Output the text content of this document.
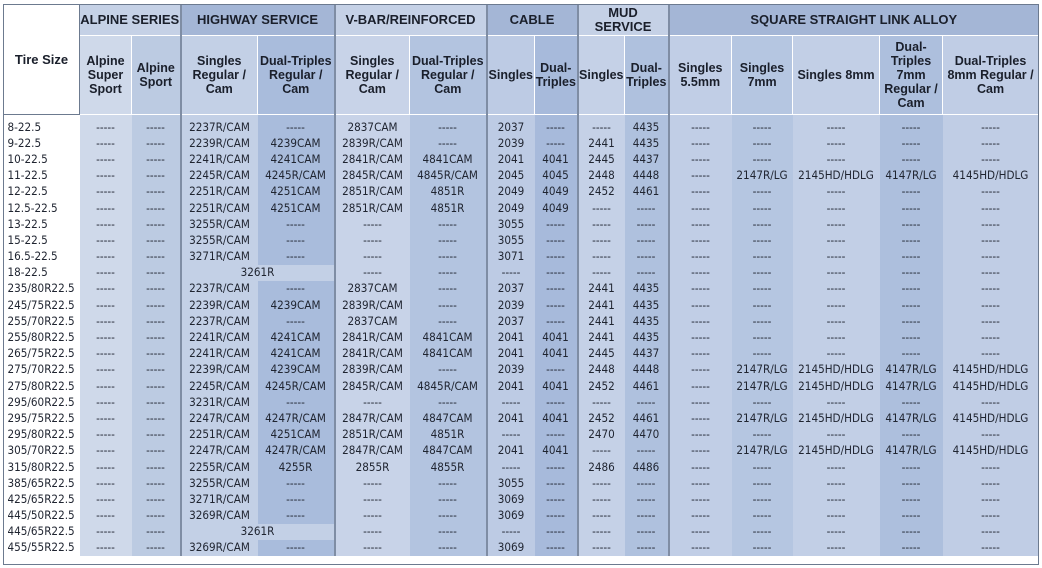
Tire Size	ALPINE SERIES		HIGHWAY SERVICE		V-BAR/REINFORCED		CABLE		MUD SERVICE		SQUARE STRAIGHT LINK ALLOY				
	Alpine Super Sport	Alpine Sport	Singles Regular / Cam	Dual-Triples Regular / Cam	Singles Regular / Cam	Dual-Triples Regular / Cam	Singles	Dual-Triples	Singles	Dual-Triples	Singles 5.5mm	Singles 7mm	Singles 8mm	Dual-Triples 7mm Regular / Cam	Dual-Triples 8mm Regular / Cam

8-22.5	-----	-----	2237R/CAM	-----	2837CAM	-----	2037	-----	-----	4435	-----	-----	-----	-----	-----
9-22.5	-----	-----	2239R/CAM	4239CAM	2839R/CAM	-----	2039	-----	2441	4435	-----	-----	-----	-----	-----
10-22.5	-----	-----	2241R/CAM	4241CAM	2841R/CAM	4841CAM	2041	4041	2445	4437	-----	-----	-----	-----	-----
11-22.5	-----	-----	2245R/CAM	4245R/CAM	2845R/CAM	4845R/CAM	2045	4045	2448	4448	-----	2147R/LG	2145HD/HDLG	4147R/LG	4145HD/HDLG
12-22.5	-----	-----	2251R/CAM	4251CAM	2851R/CAM	4851R	2049	4049	2452	4461	-----	-----	-----	-----	-----
12.5-22.5	-----	-----	2251R/CAM	4251CAM	2851R/CAM	4851R	2049	4049	-----	-----	-----	-----	-----	-----	-----
13-22.5	-----	-----	3255R/CAM	-----	-----	-----	3055	-----	-----	-----	-----	-----	-----	-----	-----
15-22.5	-----	-----	3255R/CAM	-----	-----	-----	3055	-----	-----	-----	-----	-----	-----	-----	-----
16.5-22.5	-----	-----	3271R/CAM	-----	-----	-----	3071	-----	-----	-----	-----	-----	-----	-----	-----
18-22.5	-----	-----	3261R		-----	-----	-----	-----	-----	-----	-----	-----	-----	-----	-----
235/80R22.5	-----	-----	2237R/CAM	-----	2837CAM	-----	2037	-----	2441	4435	-----	-----	-----	-----	-----
245/75R22.5	-----	-----	2239R/CAM	4239CAM	2839R/CAM	-----	2039	-----	2441	4435	-----	-----	-----	-----	-----
255/70R22.5	-----	-----	2237R/CAM	-----	2837CAM	-----	2037	-----	2441	4435	-----	-----	-----	-----	-----
255/80R22.5	-----	-----	2241R/CAM	4241CAM	2841R/CAM	4841CAM	2041	4041	2441	4435	-----	-----	-----	-----	-----
265/75R22.5	-----	-----	2241R/CAM	4241CAM	2841R/CAM	4841CAM	2041	4041	2445	4437	-----	-----	-----	-----	-----
275/70R22.5	-----	-----	2239R/CAM	4239CAM	2839R/CAM	-----	2039	-----	2448	4448	-----	2147R/LG	2145HD/HDLG	4147R/LG	4145HD/HDLG
275/80R22.5	-----	-----	2245R/CAM	4245R/CAM	2845R/CAM	4845R/CAM	2041	4041	2452	4461	-----	2147R/LG	2145HD/HDLG	4147R/LG	4145HD/HDLG
295/60R22.5	-----	-----	3231R/CAM	-----	-----	-----	-----	-----	-----	-----	-----	-----	-----	-----	-----
295/75R22.5	-----	-----	2247R/CAM	4247R/CAM	2847R/CAM	4847CAM	2041	4041	2452	4461	-----	2147R/LG	2145HD/HDLG	4147R/LG	4145HD/HDLG
295/80R22.5	-----	-----	2251R/CAM	4251CAM	2851R/CAM	4851R	-----	-----	2470	4470	-----	-----	-----	-----	-----
305/70R22.5	-----	-----	2247R/CAM	4247R/CAM	2847R/CAM	4847CAM	2041	4041	-----	-----	-----	2147R/LG	2145HD/HDLG	4147R/LG	4145HD/HDLG
315/80R22.5	-----	-----	2255R/CAM	4255R	2855R	4855R	-----	-----	2486	4486	-----	-----	-----	-----	-----
385/65R22.5	-----	-----	3255R/CAM	-----	-----	-----	3055	-----	-----	-----	-----	-----	-----	-----	-----
425/65R22.5	-----	-----	3271R/CAM	-----	-----	-----	3069	-----	-----	-----	-----	-----	-----	-----	-----
445/50R22.5	-----	-----	3269R/CAM	-----	-----	-----	3069	-----	-----	-----	-----	-----	-----	-----	-----
445/65R22.5	-----	-----	3261R		-----	-----	-----	-----	-----	-----	-----	-----	-----	-----	-----
455/55R22.5	-----	-----	3269R/CAM	-----	-----	-----	3069	-----	-----	-----	-----	-----	-----	-----	-----
